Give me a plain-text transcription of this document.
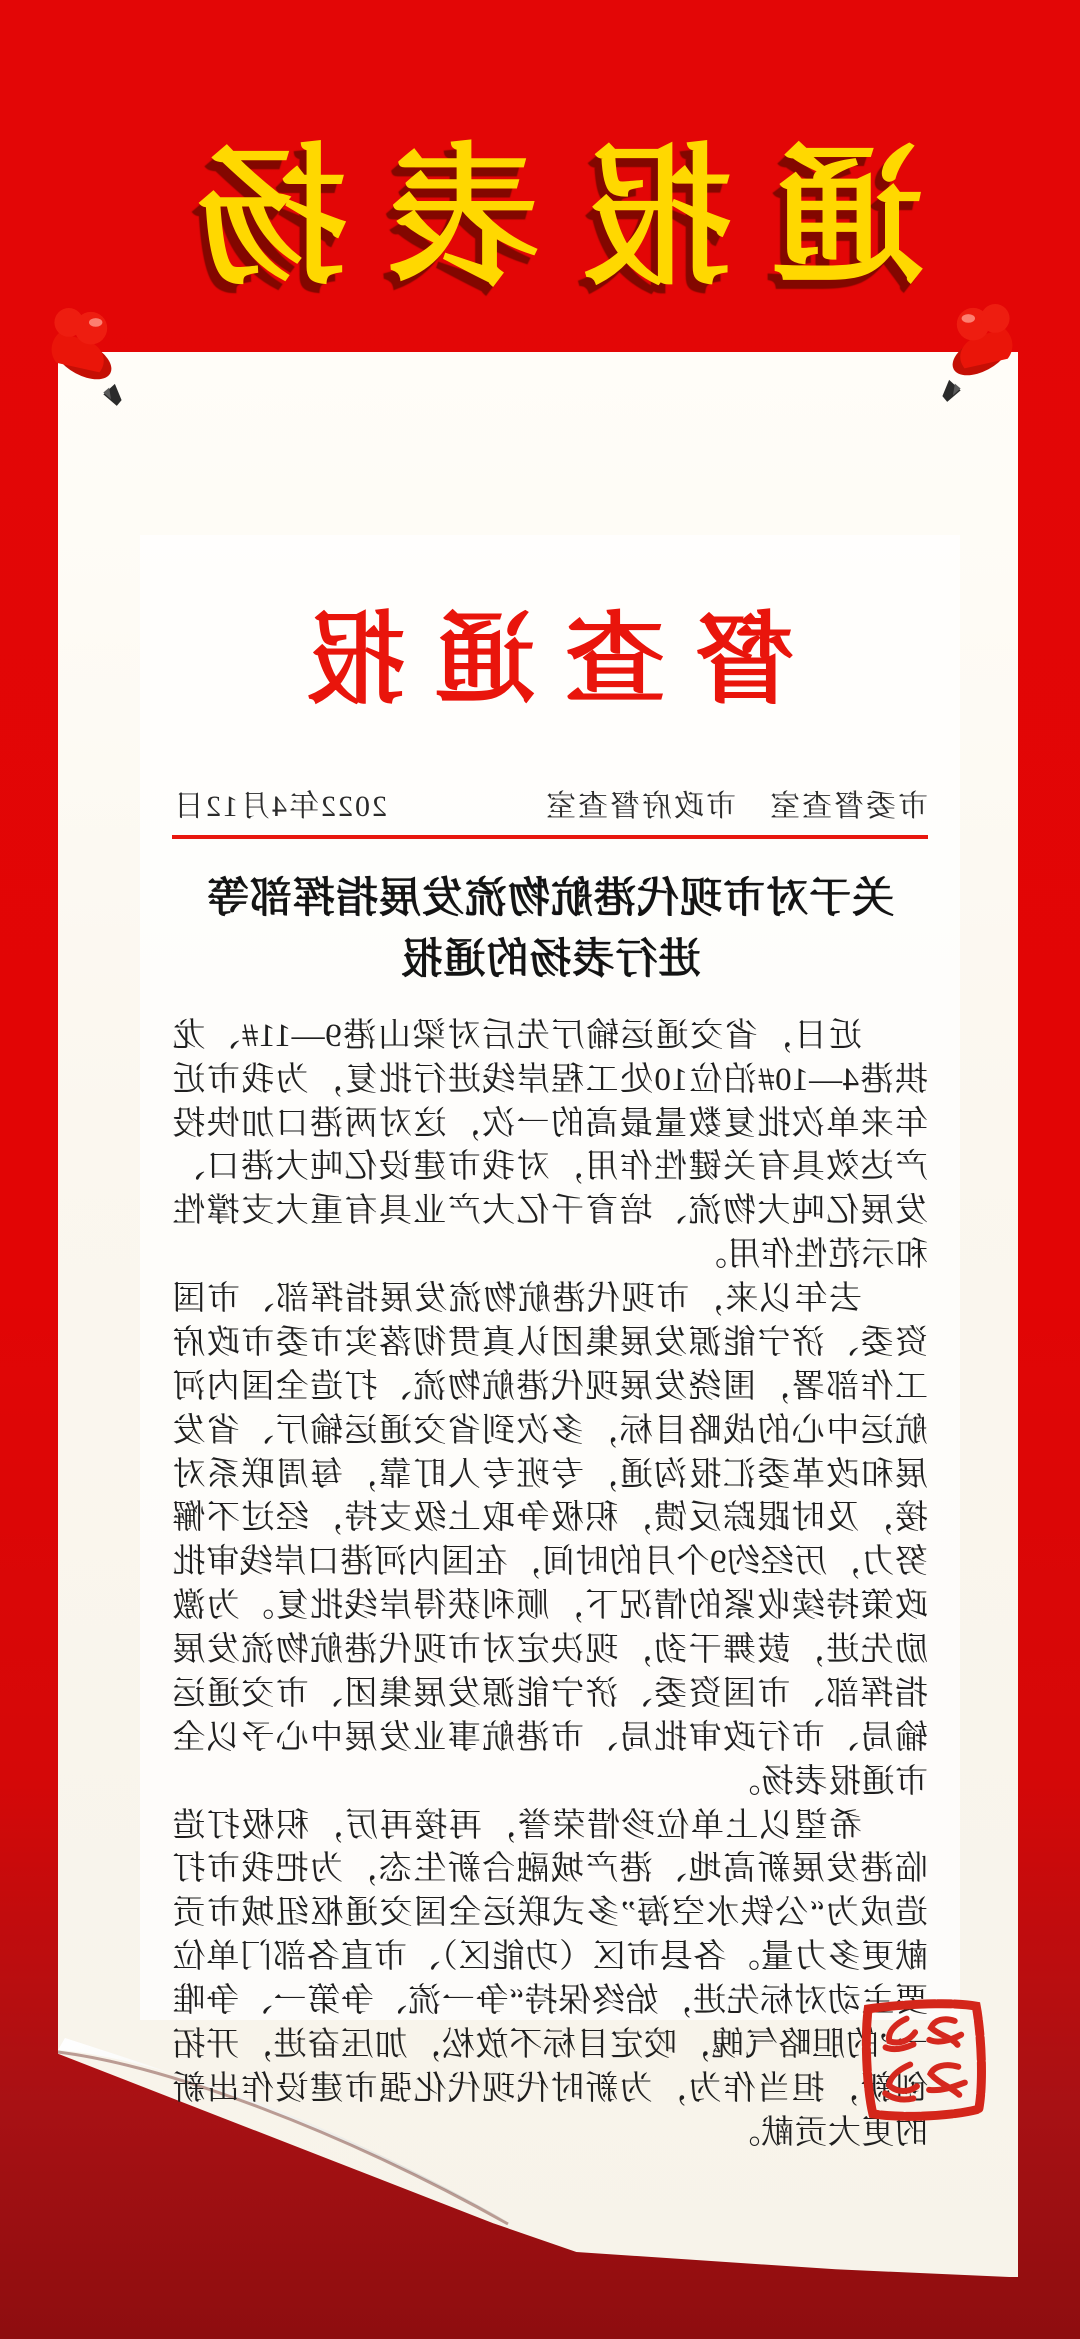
通报表扬
督查通报
市委督查室　市政府督查室
2022年4月12日
关于对市现代港航物流发展指挥部等
进行表扬的通报

近日，省交通运输厅先后对梁山港9—11#、龙拱港4—10#泊位10处工程岸线进行批复，为我市近年来单次批复数量最高的一次，这对两港口加快投产达效具有关键性作用，对我市建设亿吨大港口、发展亿吨大物流、培育千亿大产业具有重大支撑性和示范性作用。

去年以来，市现代港航物流发展指挥部、市国资委、济宁能源发展集团认真贯彻落实市委市政府工作部署，围绕发展现代港航物流、打造全国内河航运中心的战略目标，多次到省交通运输厅、省发展和改革委汇报沟通，专班专人盯靠，每周联系对接，及时跟踪反馈，积极争取上级支持，经过不懈努力，历经约9个月的时间，在国内河港口岸线审批政策持续收紧的情况下，顺利获得岸线批复。为激励先进，鼓舞干劲，现决定对市现代港航物流发展指挥部、市国资委、济宁能源发展集团、市交通运输局、市行政审批局、市港航事业发展中心予以全市通报表扬。

希望以上单位珍惜荣誉，再接再厉，积极打造临港发展新高地、港产城融合新生态，为把我市打造成为“公铁水空海”多式联运全国交通枢纽城市贡献更多力量。各县市区（功能区）、市直各部门单位要主动对标先进，始终保持“争一流、争第一、争唯一”的胆略气魄，咬定目标不放松，加压奋进，开拓创新，担当作为，为新时代现代化强市建设作出新的更大贡献。
